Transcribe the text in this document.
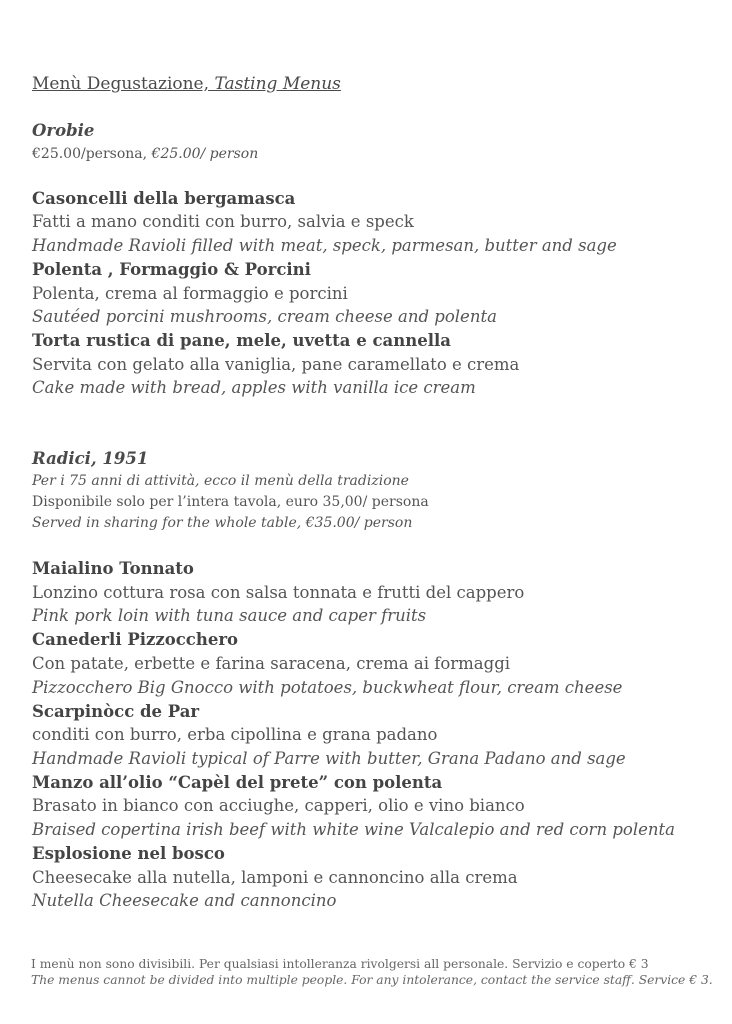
Menù Degustazione, Tasting Menus
Orobie
€25.00/persona, €25.00/ person
Casoncelli della bergamasca
Fatti a mano conditi con burro, salvia e speck
Handmade Ravioli filled with meat, speck, parmesan, butter and sage
Polenta , Formaggio & Porcini
Polenta, crema al formaggio e porcini
Sautéed porcini mushrooms, cream cheese and polenta
Torta rustica di pane, mele, uvetta e cannella
Servita con gelato alla vaniglia, pane caramellato e crema
Cake made with bread, apples with vanilla ice cream
Radici, 1951
Per i 75 anni di attività, ecco il menù della tradizione
Disponibile solo per l’intera tavola, euro 35,00/ persona
Served in sharing for the whole table, €35.00/ person
Maialino Tonnato
Lonzino cottura rosa con salsa tonnata e frutti del cappero
Pink pork loin with tuna sauce and caper fruits
Canederli Pizzocchero
Con patate, erbette e farina saracena, crema ai formaggi
Pizzocchero Big Gnocco with potatoes, buckwheat flour, cream cheese
Scarpinòcc de Par
conditi con burro, erba cipollina e grana padano
Handmade Ravioli typical of Parre with butter, Grana Padano and sage
Manzo all’olio “Capèl del prete” con polenta
Brasato in bianco con acciughe, capperi, olio e vino bianco
Braised copertina irish beef with white wine Valcalepio and red corn polenta
Esplosione nel bosco
Cheesecake alla nutella, lamponi e cannoncino alla crema
Nutella Cheesecake and cannoncino
I menù non sono divisibili. Per qualsiasi intolleranza rivolgersi all personale. Servizio e coperto € 3
The menus cannot be divided into multiple people. For any intolerance, contact the service staff. Service € 3.
